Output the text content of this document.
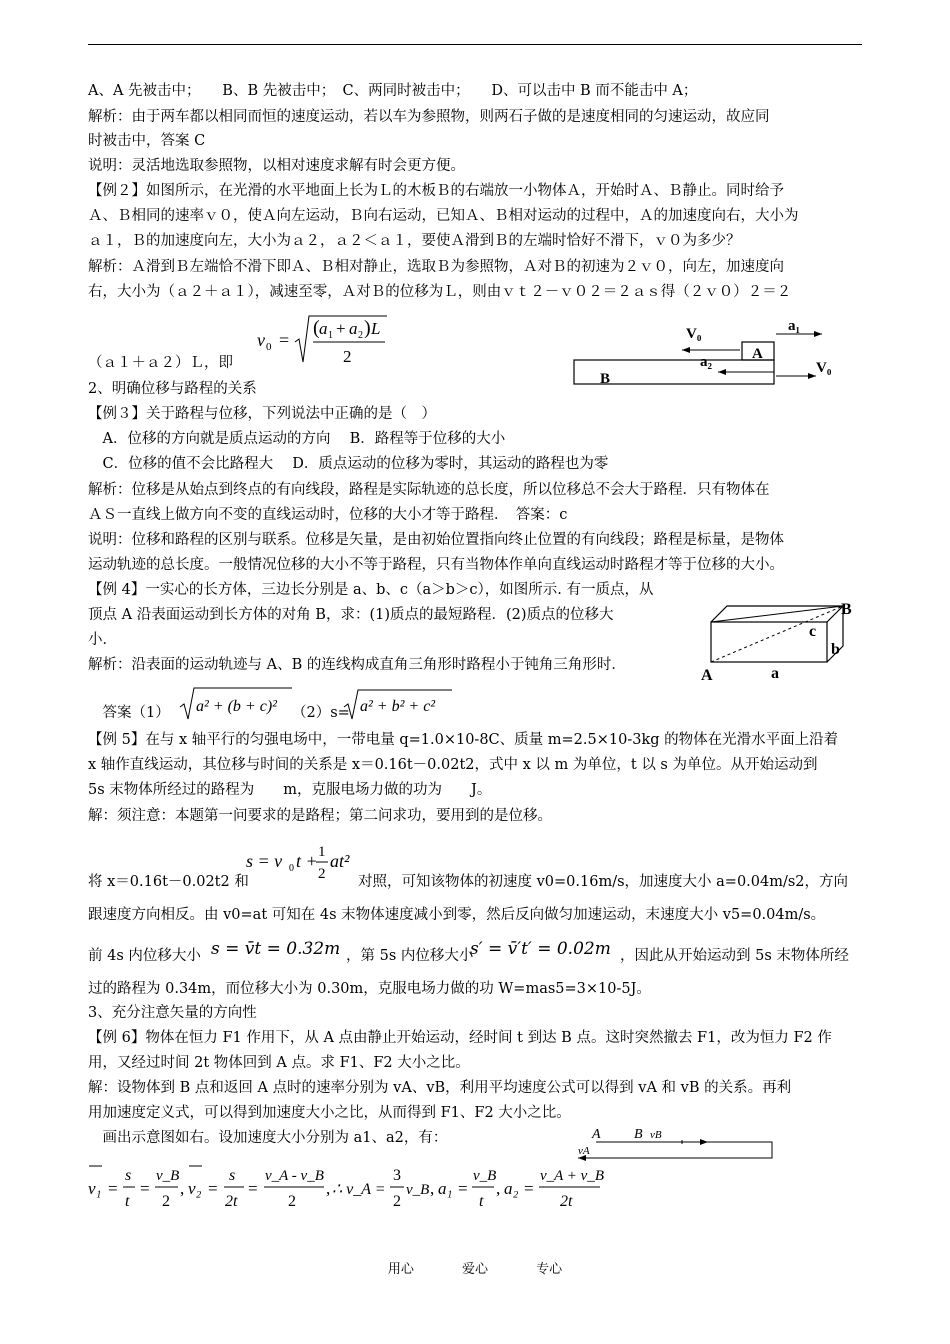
A、A 先被击中；　　B、B 先被击中；　C、两同时被击中；　　D、可以击中 B 而不能击中 A；
解析：由于两车都以相同而恒的速度运动，若以车为参照物，则两石子做的是速度相同的匀速运动，故应同
时被击中，答案 C
说明：灵活地选取参照物，以相对速度求解有时会更方便。
【例２】如图所示，在光滑的水平地面上长为Ｌ的木板Ｂ的右端放一小物体Ａ，开始时Ａ、Ｂ静止。同时给予
Ａ、Ｂ相同的速率ｖ０，使Ａ向左运动，Ｂ向右运动，已知Ａ、Ｂ相对运动的过程中，Ａ的加速度向右，大小为
ａ１，Ｂ的加速度向左，大小为ａ２，ａ２＜ａ１，要使Ａ滑到Ｂ的左端时恰好不滑下，ｖ０为多少？
解析：Ａ滑到Ｂ左端恰不滑下即Ａ、Ｂ相对静止，选取Ｂ为参照物，Ａ对Ｂ的初速为２ｖ０，向左，加速度向
右，大小为（ａ２＋ａ１），减速至零，Ａ对Ｂ的位移为Ｌ，则由ｖｔ２－ｖ０２＝２ａｓ得（２ｖ０）２＝２
v 0 =
( a 1 + a 2 ) L
2
（ａ１＋ａ２）Ｌ，即
A
B
V₀	a₁
a₂	V₀
2、明确位移与路程的关系
【例３】关于路程与位移，下列说法中正确的是（　）
　A．位移的方向就是质点运动的方向　 B．路程等于位移的大小
　C．位移的值不会比路程大　 D．质点运动的位移为零时，其运动的路程也为零
解析：位移是从始点到终点的有向线段，路程是实际轨迹的总长度，所以位移总不会大于路程．只有物体在
ＡＳ一直线上做方向不变的直线运动时，位移的大小才等于路程．　答案：c
说明：位移和路程的区别与联系。位移是矢量，是由初始位置指向终止位置的有向线段；路程是标量，是物体
运动轨迹的总长度。一般情况位移的大小不等于路程，只有当物体作单向直线运动时路程才等于位移的大小。
【例 4】一实心的长方体，三边长分别是 a、b、c（a＞b＞c），如图所示. 有一质点，从
顶点 A 沿表面运动到长方体的对角 B，求：(1)质点的最短路程．(2)质点的位移大
小．
解析：沿表面的运动轨迹与 A、B 的连线构成直角三角形时路程小于钝角三角形时．
B
c
b
A	a
　答案（1） a² + (b + c)² （2）s= a² + b² + c²
【例 5】在与 x 轴平行的匀强电场中，一带电量 q=1.0×10-8C、质量 m=2.5×10-3kg 的物体在光滑水平面上沿着
x 轴作直线运动，其位移与时间的关系是 x＝0.16t－0.02t2，式中 x 以 m 为单位，t 以 s 为单位。从开始运动到
5s 末物体所经过的路程为　　m，克服电场力做的功为　　J。
解：须注意：本题第一问要求的是路程；第二问求功，要用到的是位移。
s = v 0 t + 1
2
at²
将 x＝0.16t－0.02t2 和	对照，可知该物体的初速度 v0=0.16m/s，加速度大小 a=0.04m/s2，方向
跟速度方向相反。由 v0=at 可知在 4s 末物体速度减小到零，然后反向做匀加速运动，末速度大小 v5=0.04m/s。
前 4s 内位移大小 s = v̄t = 0.32m ，第 5s 内位移大小
s′ = v̄′t′ = 0.02m ，因此从开始运动到 5s 末物体所经
过的路程为 0.34m，而位移大小为 0.30m，克服电场力做的功 W=mas5=3×10-5J。
3、充分注意矢量的方向性
【例 6】物体在恒力 F1 作用下，从 A 点由静止开始运动，经时间 t 到达 B 点。这时突然撤去 F1，改为恒力 F2 作
用，又经过时间 2t 物体回到 A 点。求 F1、F2 大小之比。
解：设物体到 B 点和返回 A 点时的速率分别为 vA、vB，利用平均速度公式可以得到 vA 和 vB 的关系。再利
用加速度定义式，可以得到加速度大小之比，从而得到 F1、F2 大小之比。
　画出示意图如右。设加速度大小分别为 a1、a2，有：	A B vB
vA
v₁ =
s
t
=
v_B
2
, v₂ =
s
2t
=
v_A - v_B
2
, ∴ v_A =
3
2
v_B , a₁ =
v_B
t
, a₂ =
v_A + v_B
2t
用心	爱心	专心
